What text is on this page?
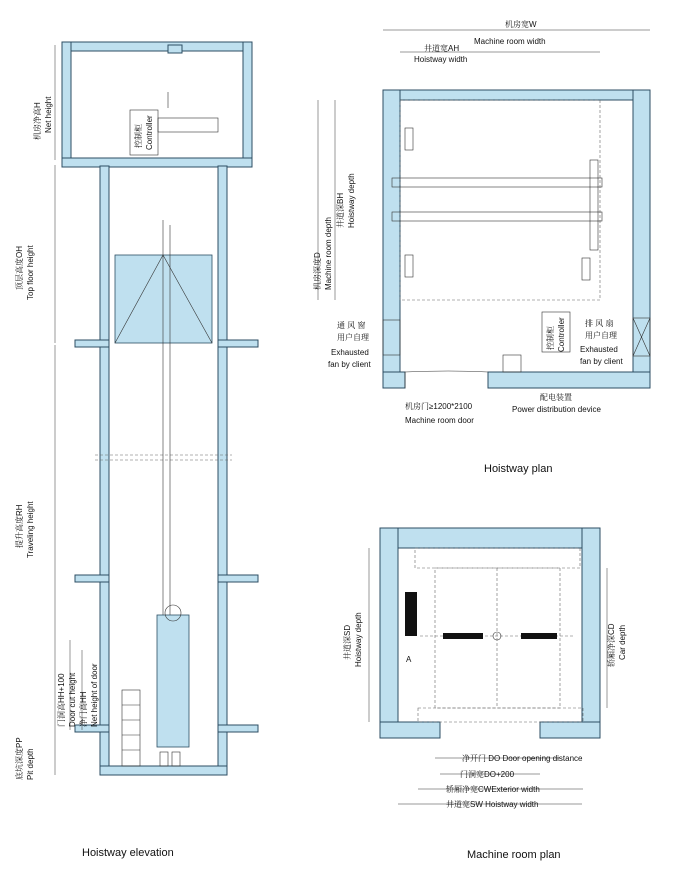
机房净高H Net height
控制柜 Controller
顶层高度OH Top floor height
提升高度RH Traveling height
门洞高HH+100 Door cut height 净门高HH Net height of door
底坑深度PP Pit depth
Hoistway elevation
机房宽W
Machine room width
井道宽AH
Hoistway width
井道深BH Hoistway depth
机房深度D Machine room depth
通 风 窗
用户自理
Exhausted
fan by client
排 风 扇
用户自理
Exhausted
fan by client
控制柜 Controller
配电装置
Power distribution device
机房门≥1200*2100
Machine room door
Hoistway plan
井道深SD Hoistway depth	轿厢净深CD Car depth
A
净开门 DO Door opening distance
门洞宽DO+200
轿厢净宽CWExterior width
井道宽SW Hoistway width
Machine room plan
